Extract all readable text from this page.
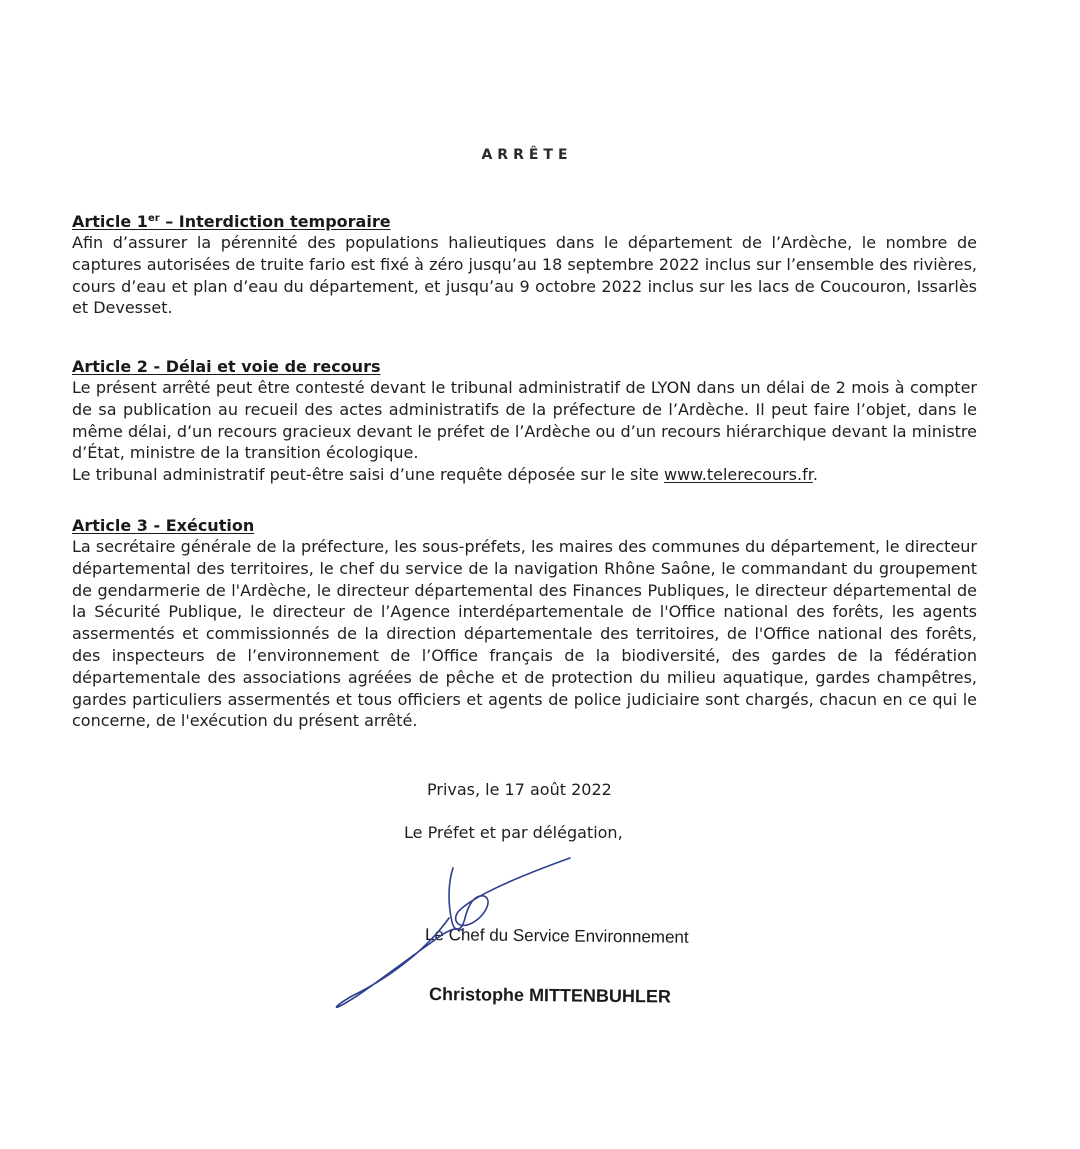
ARRÊTE
Article 1er – Interdiction temporaire

Afin d’assurer la pérennité des populations halieutiques dans le département de l’Ardèche, le nombre de captures autorisées de truite fario est fixé à zéro jusqu’au 18 septembre 2022 inclus sur l’ensemble des rivières, cours d’eau et plan d’eau du département, et jusqu’au 9 octobre 2022 inclus sur les lacs de Coucouron, Issarlès et Devesset.

Article 2 - Délai et voie de recours

Le présent arrêté peut être contesté devant le tribunal administratif de LYON dans un délai de 2 mois à compter de sa publication au recueil des actes administratifs de la préfecture de l’Ardèche. Il peut faire l’objet, dans le même délai, d’un recours gracieux devant le préfet de l’Ardèche ou d’un recours hiérarchique devant la ministre d’État, ministre de la transition écologique.

Le tribunal administratif peut-être saisi d’une requête déposée sur le site www.telerecours.fr.

Article 3 - Exécution

La secrétaire générale de la préfecture, les sous-préfets, les maires des communes du département, le directeur départemental des territoires, le chef du service de la navigation Rhône Saône, le commandant du groupement de gendarmerie de l'Ardèche, le directeur départemental des Finances Publiques, le directeur départemental de la Sécurité Publique, le directeur de l’Agence interdépartementale de l'Office national des forêts, les agents assermentés et commissionnés de la direction départementale des territoires, de l'Office national des forêts, des inspecteurs de l’environnement de l’Office français de la biodiversité, des gardes de la fédération départementale des associations agréées de pêche et de protection du milieu aquatique, gardes champêtres, gardes particuliers assermentés et tous officiers et agents de police judiciaire sont chargés, chacun en ce qui le concerne, de l'exécution du présent arrêté.

Privas, le 17 août 2022
Le Préfet et par délégation,
Le Chef du Service Environnement
Christophe MITTENBUHLER
